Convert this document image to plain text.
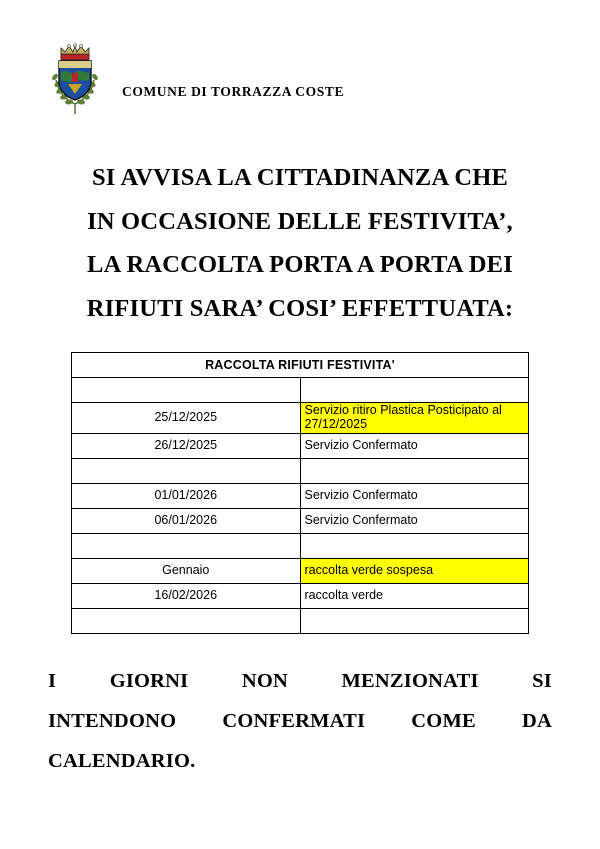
COMUNE DI TORRAZZA COSTE
SI AVVISA LA CITTADINANZA CHE
IN OCCASIONE DELLE FESTIVITA’,
LA RACCOLTA PORTA A PORTA DEI
RIFIUTI SARA’ COSI’ EFFETTUATA:
RACCOLTA RIFIUTI FESTIVITA'	

25/12/2025	Servizio ritiro Plastica Posticipato al 27/12/2025
26/12/2025	Servizio Confermato

01/01/2026	Servizio Confermato
06/01/2026	Servizio Confermato

Gennaio	raccolta verde sospesa
16/02/2026	raccolta verde

I	GIORNI	NON	MENZIONATI	SI
INTENDONO CONFERMATI COME DA
CALENDARIO.
